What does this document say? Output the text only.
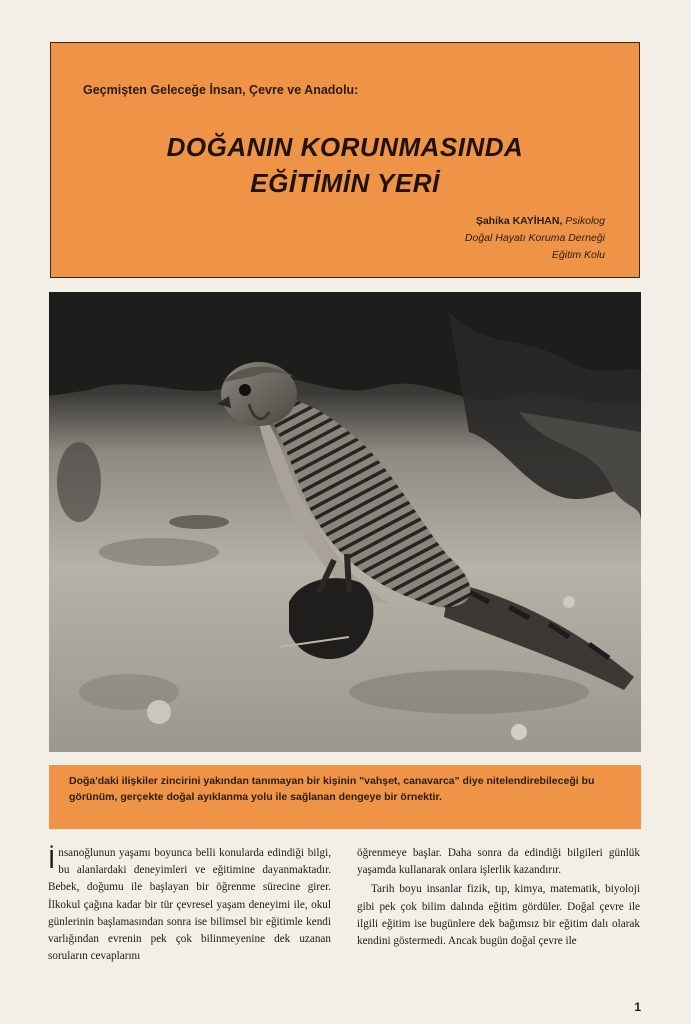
Geçmişten Geleceğe İnsan, Çevre ve Anadolu:
DOĞANIN KORUNMASINDA
EĞİTİMİN YERİ
Şahika KAYİHAN, Psikolog
Doğal Hayatı Koruma Derneği
Eğitim Kolu
Doğa'daki ilişkiler zincirini yakından tanımayan bir kişinin "vahşet, canavarca" diye nitelendirebileceği bu görünüm, gerçekte doğal ayıklanma yolu ile sağlanan dengeye bir örnektir.

İnsanoğlunun yaşamı boyunca belli konularda edindiği bilgi, bu alanlardaki deneyimleri ve eğitimine dayanmaktadır. Bebek, doğumu ile başlayan bir öğrenme sürecine girer. İlkokul çağına kadar bir tür çevresel yaşam deneyimi ile, okul günlerinin başlamasından sonra ise bilimsel bir eğitimle kendi varlığından evrenin pek çok bilinmeyenine dek uzanan soruların cevaplarını

öğrenmeye başlar. Daha sonra da edindiği bilgileri günlük yaşamda kullanarak onlara işlerlik kazandırır.

Tarih boyu insanlar fizik, tıp, kimya, matematik, biyoloji gibi pek çok bilim dalında eğitim gördüler. Doğal çevre ile ilgili eğitim ise bugünlere dek bağımsız bir eğitim dalı olarak kendini göstermedi. Ancak bugün doğal çevre ile

1
